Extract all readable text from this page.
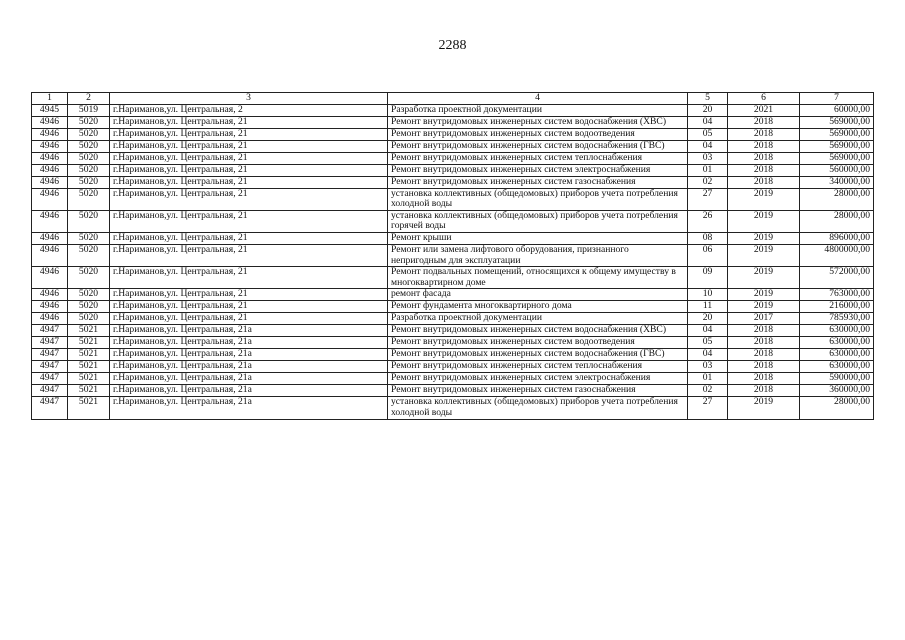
2288
1	2	3	4	5	6	7
4945	5019	г.Нариманов,ул. Центральная, 2	Разработка проектной документации	20	2021	60000,00
4946	5020	г.Нариманов,ул. Центральная, 21	Ремонт внутридомовых инженерных систем водоснабжения (ХВС)	04	2018	569000,00
4946	5020	г.Нариманов,ул. Центральная, 21	Ремонт внутридомовых инженерных систем водоотведения	05	2018	569000,00
4946	5020	г.Нариманов,ул. Центральная, 21	Ремонт внутридомовых инженерных систем водоснабжения (ГВС)	04	2018	569000,00
4946	5020	г.Нариманов,ул. Центральная, 21	Ремонт внутридомовых инженерных систем теплоснабжения	03	2018	569000,00
4946	5020	г.Нариманов,ул. Центральная, 21	Ремонт внутридомовых инженерных систем электроснабжения	01	2018	560000,00
4946	5020	г.Нариманов,ул. Центральная, 21	Ремонт внутридомовых инженерных систем газоснабжения	02	2018	340000,00
4946	5020	г.Нариманов,ул. Центральная, 21	установка коллективных (общедомовых) приборов учета потребления холодной воды	27	2019	28000,00
4946	5020	г.Нариманов,ул. Центральная, 21	установка коллективных (общедомовых) приборов учета потребления горячей воды	26	2019	28000,00
4946	5020	г.Нариманов,ул. Центральная, 21	Ремонт крыши	08	2019	896000,00
4946	5020	г.Нариманов,ул. Центральная, 21	Ремонт или замена лифтового оборудования, признанного непригодным для эксплуатации	06	2019	4800000,00
4946	5020	г.Нариманов,ул. Центральная, 21	Ремонт подвальных помещений, относящихся к общему имуществу в многоквартирном доме	09	2019	572000,00
4946	5020	г.Нариманов,ул. Центральная, 21	ремонт фасада	10	2019	763000,00
4946	5020	г.Нариманов,ул. Центральная, 21	Ремонт фундамента многоквартирного дома	11	2019	216000,00
4946	5020	г.Нариманов,ул. Центральная, 21	Разработка проектной документации	20	2017	785930,00
4947	5021	г.Нариманов,ул. Центральная, 21а	Ремонт внутридомовых инженерных систем водоснабжения (ХВС)	04	2018	630000,00
4947	5021	г.Нариманов,ул. Центральная, 21а	Ремонт внутридомовых инженерных систем водоотведения	05	2018	630000,00
4947	5021	г.Нариманов,ул. Центральная, 21а	Ремонт внутридомовых инженерных систем водоснабжения (ГВС)	04	2018	630000,00
4947	5021	г.Нариманов,ул. Центральная, 21а	Ремонт внутридомовых инженерных систем теплоснабжения	03	2018	630000,00
4947	5021	г.Нариманов,ул. Центральная, 21а	Ремонт внутридомовых инженерных систем электроснабжения	01	2018	590000,00
4947	5021	г.Нариманов,ул. Центральная, 21а	Ремонт внутридомовых инженерных систем газоснабжения	02	2018	360000,00
4947	5021	г.Нариманов,ул. Центральная, 21а	установка коллективных (общедомовых) приборов учета потребления холодной воды	27	2019	28000,00
